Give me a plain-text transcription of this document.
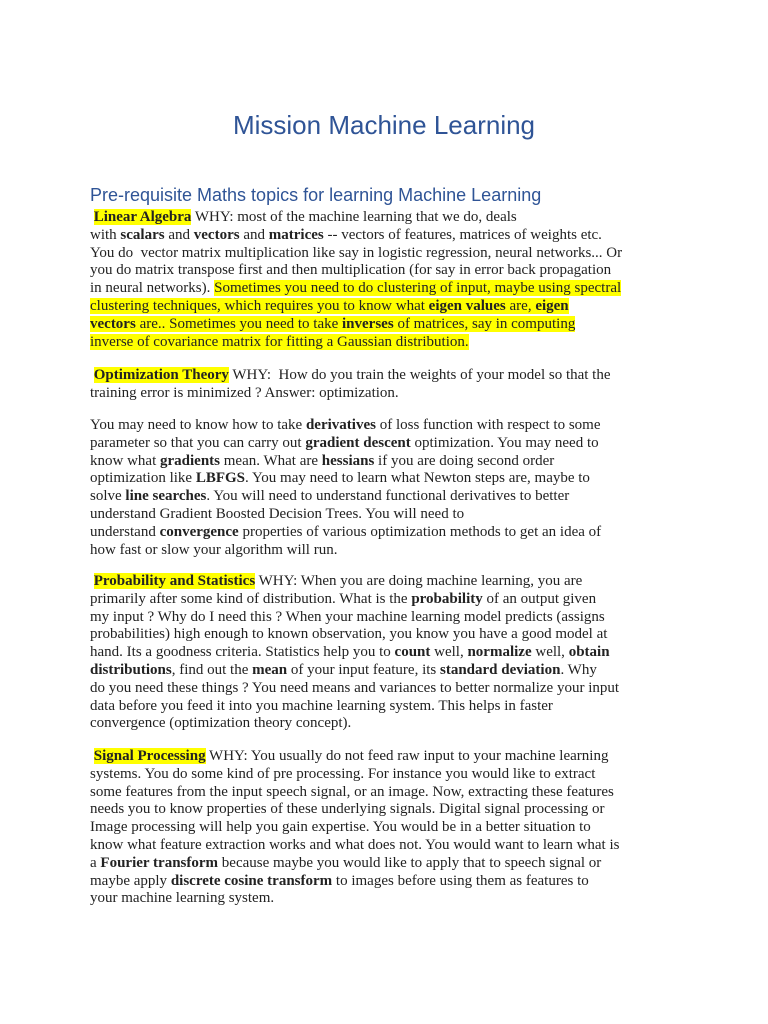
Mission Machine Learning
Pre-requisite Maths topics for learning Machine Learning
Linear Algebra WHY: most of the machine learning that we do, deals
with scalars and vectors and matrices -- vectors of features, matrices of weights etc.
You do  vector matrix multiplication like say in logistic regression, neural networks... Or
you do matrix transpose first and then multiplication (for say in error back propagation
in neural networks). Sometimes you need to do clustering of input, maybe using spectral
clustering techniques, which requires you to know what eigen values are, eigen
vectors are.. Sometimes you need to take inverses of matrices, say in computing
inverse of covariance matrix for fitting a Gaussian distribution.
Optimization Theory WHY:  How do you train the weights of your model so that the
training error is minimized ? Answer: optimization.
You may need to know how to take derivatives of loss function with respect to some
parameter so that you can carry out gradient descent optimization. You may need to
know what gradients mean. What are hessians if you are doing second order
optimization like LBFGS. You may need to learn what Newton steps are, maybe to
solve line searches. You will need to understand functional derivatives to better
understand Gradient Boosted Decision Trees. You will need to
understand convergence properties of various optimization methods to get an idea of
how fast or slow your algorithm will run.
Probability and Statistics WHY: When you are doing machine learning, you are
primarily after some kind of distribution. What is the probability of an output given
my input ? Why do I need this ? When your machine learning model predicts (assigns
probabilities) high enough to known observation, you know you have a good model at
hand. Its a goodness criteria. Statistics help you to count well, normalize well, obtain
distributions, find out the mean of your input feature, its standard deviation. Why
do you need these things ? You need means and variances to better normalize your input
data before you feed it into you machine learning system. This helps in faster
convergence (optimization theory concept).
Signal Processing WHY: You usually do not feed raw input to your machine learning
systems. You do some kind of pre processing. For instance you would like to extract
some features from the input speech signal, or an image. Now, extracting these features
needs you to know properties of these underlying signals. Digital signal processing or
Image processing will help you gain expertise. You would be in a better situation to
know what feature extraction works and what does not. You would want to learn what is
a Fourier transform because maybe you would like to apply that to speech signal or
maybe apply discrete cosine transform to images before using them as features to
your machine learning system.
